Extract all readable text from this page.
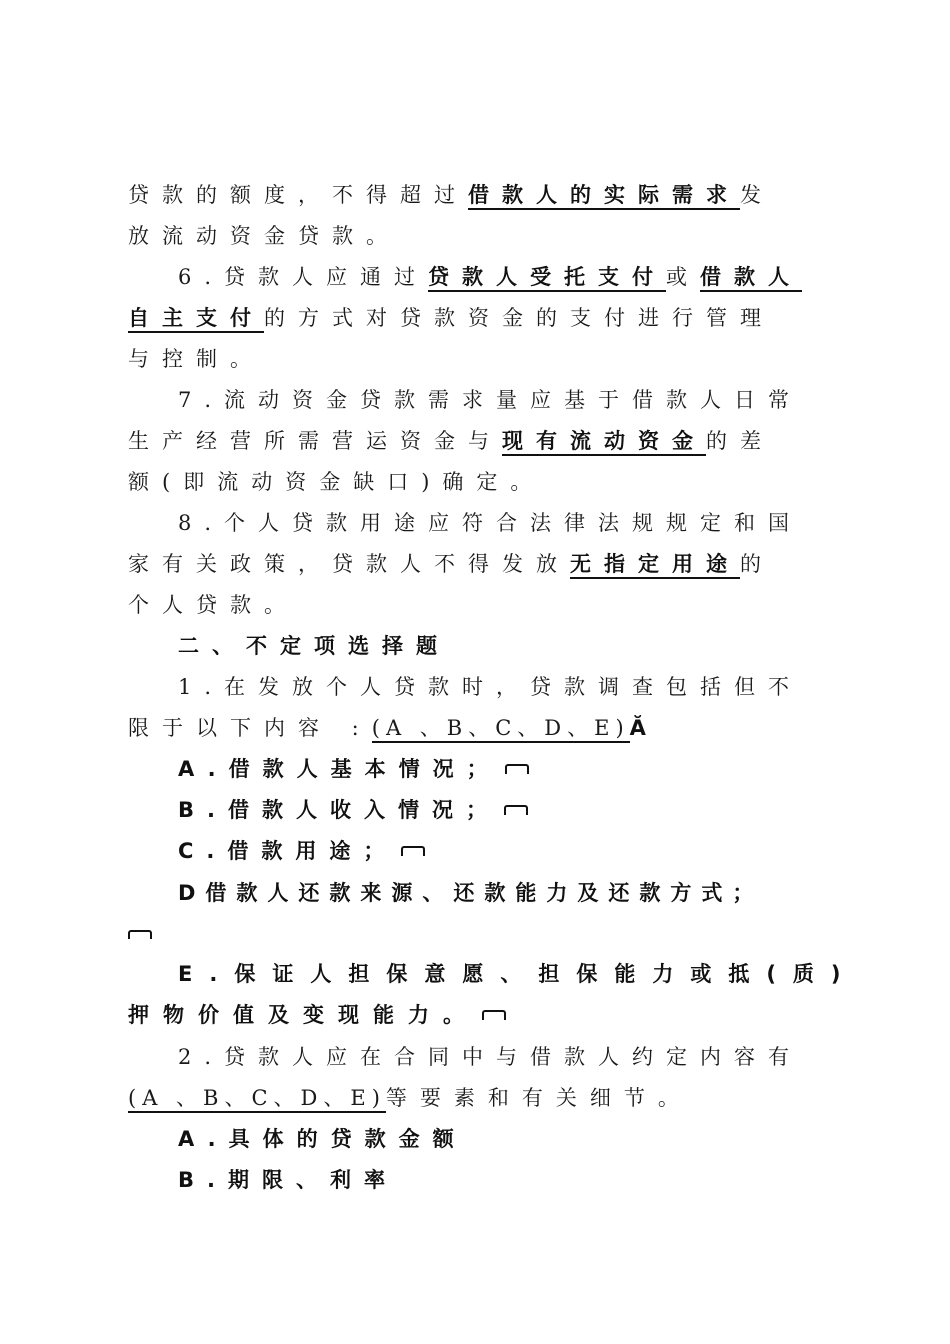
贷款的额度，不得超过借款人的实际需求发
放流动资金贷款。
6.贷款人应通过贷款人受托支付或借款人
自主支付的方式对贷款资金的支付进行管理
与控制。
7.流动资金贷款需求量应基于借款人日常
生产经营所需营运资金与现有流动资金的差
额(即流动资金缺口)确定。
8.个人贷款用途应符合法律法规规定和国
家有关政策，贷款人不得发放无指定用途的
个人贷款。
二、不定项选择题
1.在发放个人贷款时，贷款调查包括但不
限于以下内容 :(A 、B、C、D、E)Ă
A.借款人基本情况；
B.借款人收入情况；
C.借款用途；
D借款人还款来源、还款能力及还款方式；
E.保证人担保意愿、担保能力或抵(质)
押物价值及变现能力。
2.贷款人应在合同中与借款人约定内容有
(A 、B、C、D、E)等要素和有关细节。
A.具体的贷款金额
B.期限、利率
